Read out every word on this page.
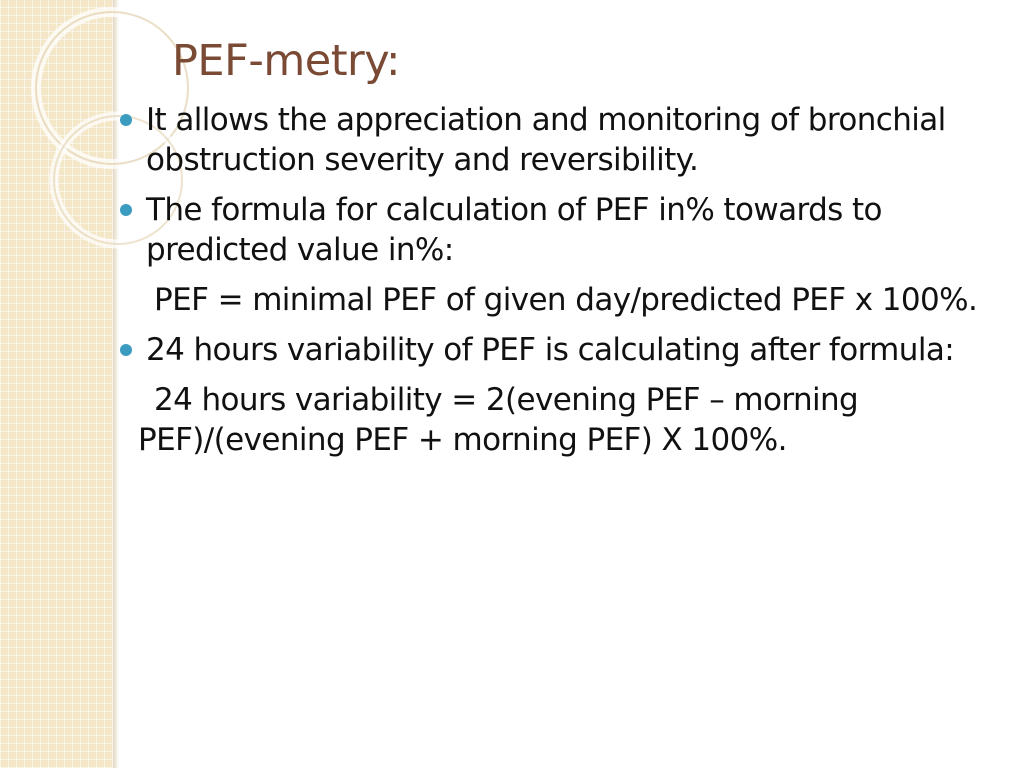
PEF-metry:

It allows the appreciation and monitoring of bronchial obstruction severity and reversibility.

The formula for calculation of PEF in% towards to predicted value in%:

PEF = minimal PEF of given day/predicted PEF x 100%.

24 hours variability of PEF is calculating after formula:

24 hours variability = 2(evening PEF – morning PEF)/(evening PEF + morning PEF) X 100%.
